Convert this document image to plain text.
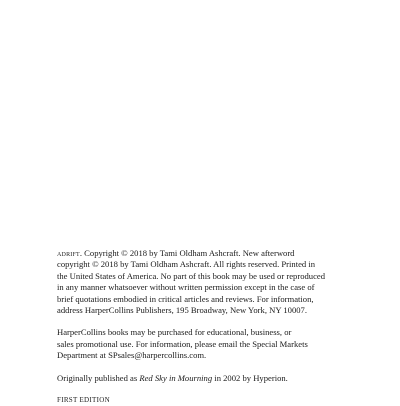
adrift. Copyright © 2018 by Tami Oldham Ashcraft. New afterword
copyright © 2018 by Tami Oldham Ashcraft. All rights reserved. Printed in
the United States of America. No part of this book may be used or reproduced
in any manner whatsoever without written permission except in the case of
brief quotations embodied in critical articles and reviews. For information,
address HarperCollins Publishers, 195 Broadway, New York, NY 10007.

HarperCollins books may be purchased for educational, business, or
sales promotional use. For information, please email the Special Markets
Department at SPsales@harpercollins.com.

Originally published as Red Sky in Mourning in 2002 by Hyperion.

FIRST EDITION
